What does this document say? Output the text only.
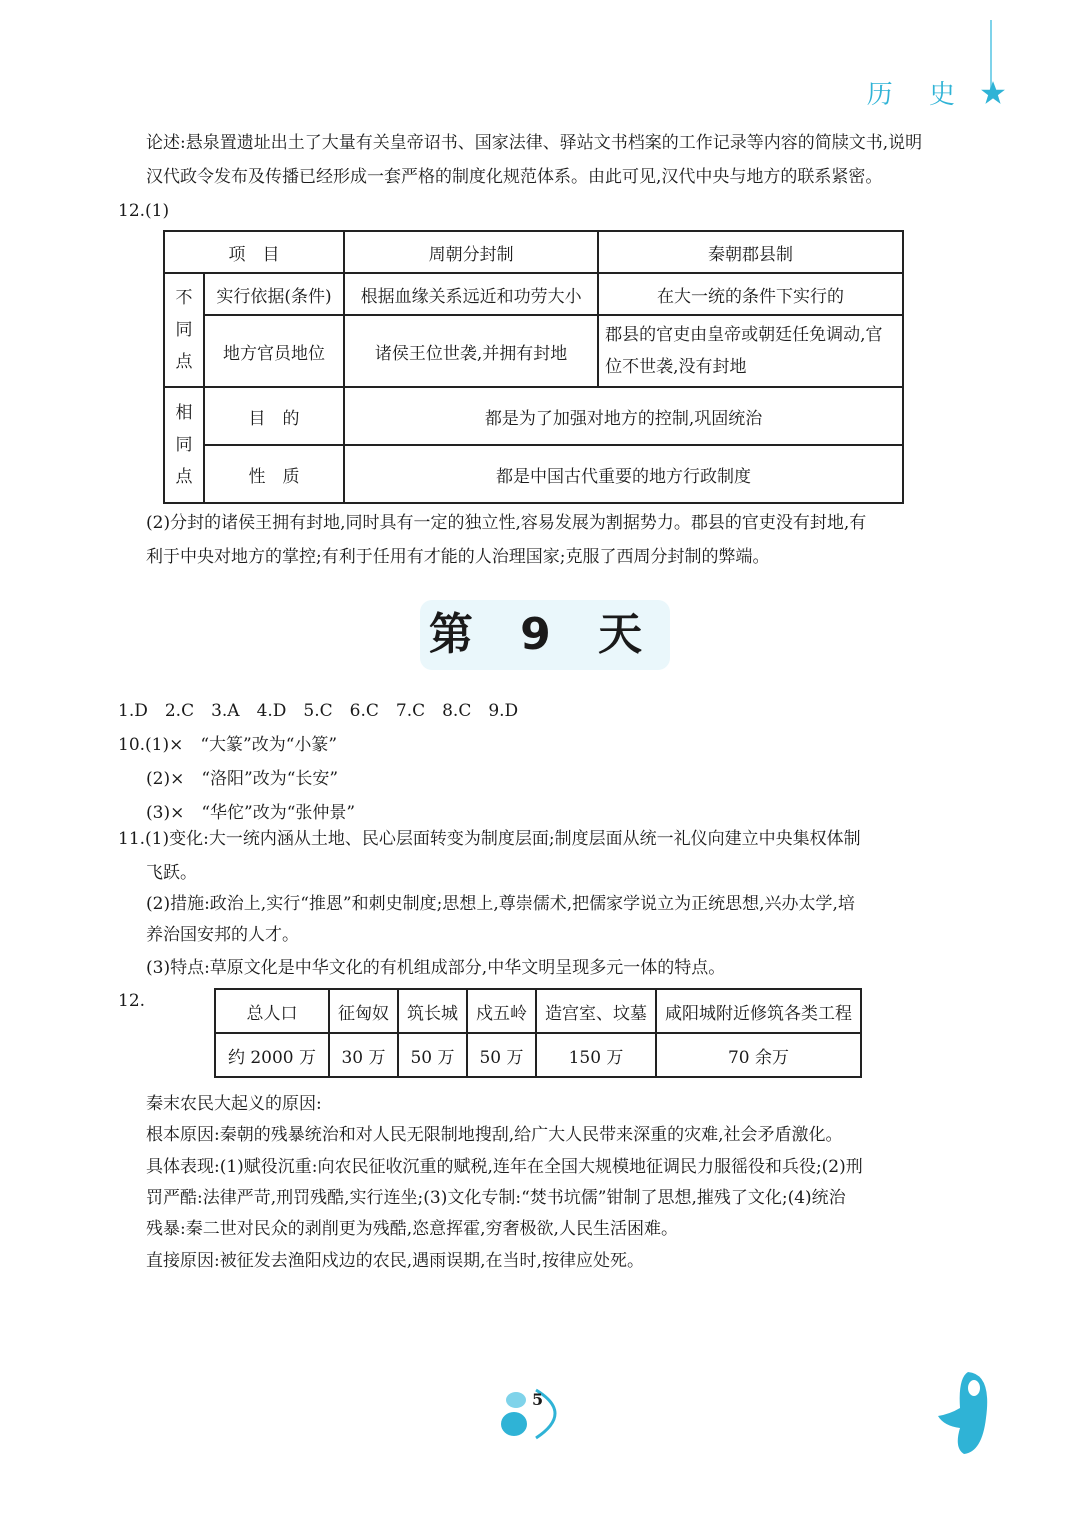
历 史
论述:悬泉置遗址出土了大量有关皇帝诏书、国家法律、驿站文书档案的工作记录等内容的简牍文书,说明
汉代政令发布及传播已经形成一套严格的制度化规范体系。由此可见,汉代中央与地方的联系紧密。
12.(1)
项　目		周朝分封制	秦朝郡县制

不同点	实行依据(条件)	根据血缘关系远近和功劳大小	在大一统的条件下实行的
	地方官员地位	诸侯王位世袭,并拥有封地	郡县的官吏由皇帝或朝廷任免调动,官位不世袭,没有封地

相同点	目　的	都是为了加强对地方的控制,巩固统治	
	性　质	都是中国古代重要的地方行政制度	
(2)分封的诸侯王拥有封地,同时具有一定的独立性,容易发展为割据势力。郡县的官吏没有封地,有
利于中央对地方的掌控;有利于任用有才能的人治理国家;克服了西周分封制的弊端。
第 9 天
1.D　2.C　3.A　4.D　5.C　6.C　7.C　8.C　9.D
10.(1)×　“大篆”改为“小篆”
(2)×　“洛阳”改为“长安”
(3)×　“华佗”改为“张仲景”
11.(1)变化:大一统内涵从土地、民心层面转变为制度层面;制度层面从统一礼仪向建立中央集权体制
飞跃。
(2)措施:政治上,实行“推恩”和刺史制度;思想上,尊崇儒术,把儒家学说立为正统思想,兴办太学,培
养治国安邦的人才。
(3)特点:草原文化是中华文化的有机组成部分,中华文明呈现多元一体的特点。
12.
总人口	征匈奴	筑长城	戍五岭	造宫室、坟墓	咸阳城附近修筑各类工程
约 2000 万	30 万	50 万	50 万	150 万	70 余万
秦末农民大起义的原因:
根本原因:秦朝的残暴统治和对人民无限制地搜刮,给广大人民带来深重的灾难,社会矛盾激化。
具体表现:(1)赋役沉重:向农民征收沉重的赋税,连年在全国大规模地征调民力服徭役和兵役;(2)刑
罚严酷:法律严苛,刑罚残酷,实行连坐;(3)文化专制:“焚书坑儒”钳制了思想,摧残了文化;(4)统治
残暴:秦二世对民众的剥削更为残酷,恣意挥霍,穷奢极欲,人民生活困难。
直接原因:被征发去渔阳戍边的农民,遇雨误期,在当时,按律应处死。
5
